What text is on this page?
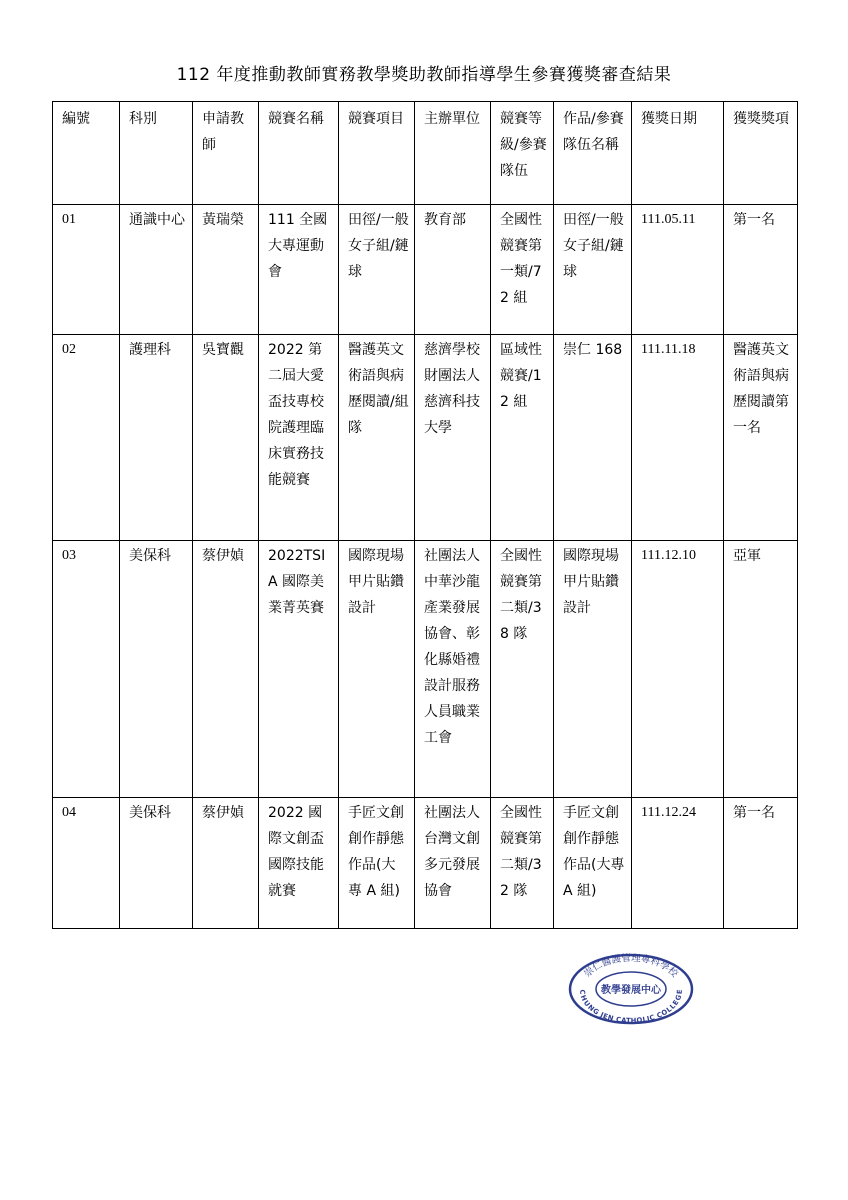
112 年度推動教師實務教學獎助教師指導學生參賽獲獎審查結果
編號	科別	申請教師	競賽名稱	競賽項目	主辦單位	競賽等級/參賽隊伍	作品/參賽隊伍名稱	獲獎日期	獲獎獎項
01	通識中心	黃瑞榮	111 全國大專運動會	田徑/一般女子組/鏈球	教育部	全國性競賽第一類/72 組	田徑/一般女子組/鏈球	111.05.11	第一名
02	護理科	吳寶觀	2022 第二屆大愛盃技專校院護理臨床實務技能競賽	醫護英文術語與病歷閱讀/組隊	慈濟學校財團法人慈濟科技大學	區域性競賽/12 組	崇仁 168	111.11.18	醫護英文術語與病歷閱讀第一名
03	美保科	蔡伊媜	2022TSIA 國際美業菁英賽	國際現場甲片貼鑽設計	社團法人中華沙龍產業發展協會、彰化縣婚禮設計服務人員職業工會	全國性競賽第二類/38 隊	國際現場甲片貼鑽設計	111.12.10	亞軍
04	美保科	蔡伊媜	2022 國際文創盃國際技能就賽	手匠文創創作靜態作品(大專 A 組)	社團法人台灣文創多元發展協會	全國性競賽第二類/32 隊	手匠文創創作靜態作品(大專 A 組)	111.12.24	第一名
崇仁醫護管理專科學校
教學發展中心
CHUNG JEN CATHOLIC COLLEGE
